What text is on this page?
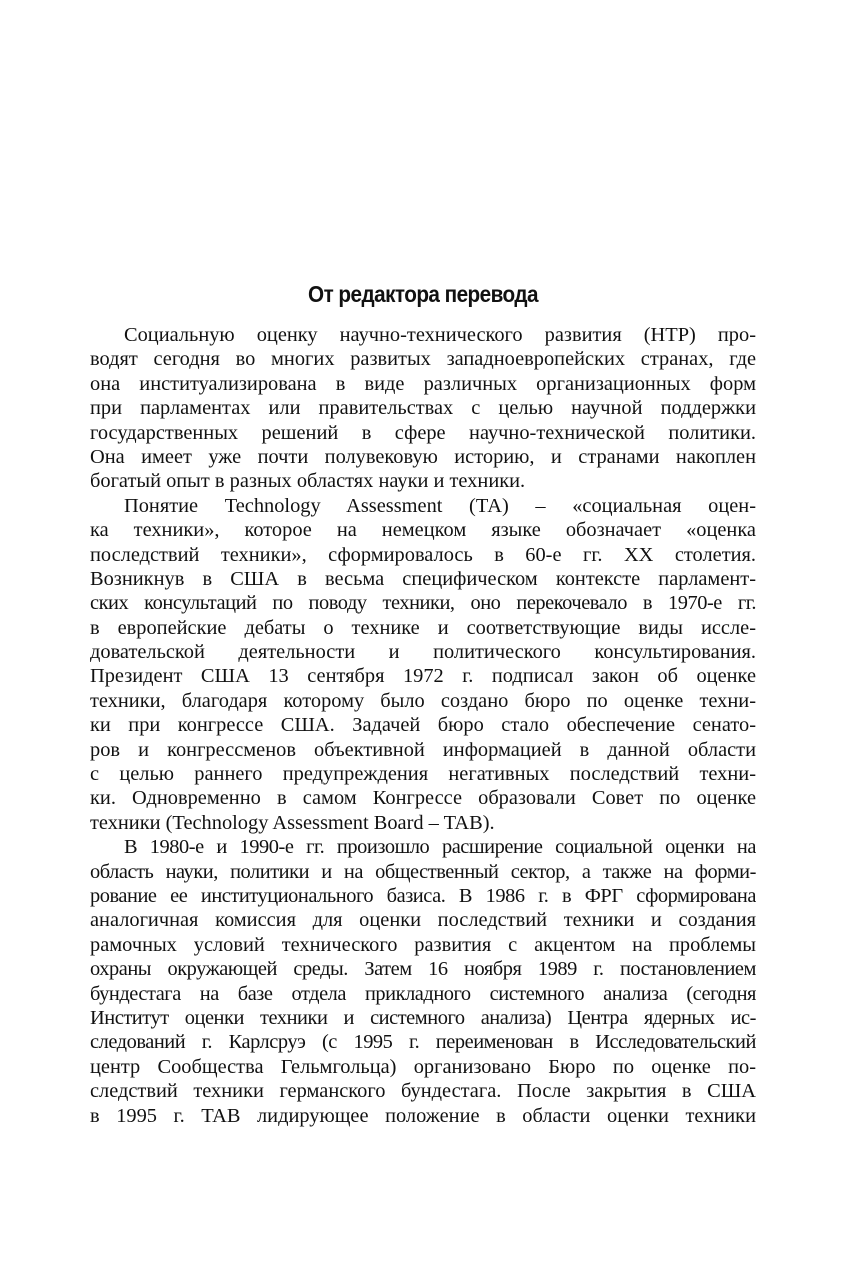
От редактора перевода
Социальную оценку научно-технического развития (НТР) про-
водят сегодня во многих развитых западноевропейских странах, где
она институализирована в виде различных организационных форм
при парламентах или правительствах с целью научной поддержки
государственных решений в сфере научно-технической политики.
Она имеет уже почти полувековую историю, и странами накоплен
богатый опыт в разных областях науки и техники.
Понятие Technology Assessment (ТА) – «социальная оцен-
ка техники», которое на немецком языке обозначает «оценка
последствий техники», сформировалось в 60-е гг. XX столетия.
Возникнув в США в весьма специфическом контексте парламент-
ских консультаций по поводу техники, оно перекочевало в 1970-е гг.
в европейские дебаты о технике и соответствующие виды иссле-
довательской деятельности и политического консультирования.
Президент США 13 сентября 1972 г. подписал закон об оценке
техники, благодаря которому было создано бюро по оценке техни-
ки при конгрессе США. Задачей бюро стало обеспечение сенато-
ров и конгрессменов объективной информацией в данной области
с целью раннего предупреждения негативных последствий техни-
ки. Одновременно в самом Конгрессе образовали Совет по оценке
техники (Technology Assessment Board – TAB).
В 1980-е и 1990-е гг. произошло расширение социальной оценки на
область науки, политики и на общественный сектор, а также на форми-
рование ее институционального базиса. В 1986 г. в ФРГ сформирована
аналогичная комиссия для оценки последствий техники и создания
рамочных условий технического развития с акцентом на проблемы
охраны окружающей среды. Затем 16 ноября 1989 г. постановлением
бундестага на базе отдела прикладного системного анализа (сегодня
Институт оценки техники и системного анализа) Центра ядерных ис-
следований г. Карлсруэ (с 1995 г. переименован в Исследовательский
центр Сообщества Гельмгольца) организовано Бюро по оценке по-
следствий техники германского бундестага. После закрытия в США
в 1995 г. TAB лидирующее положение в области оценки техники
